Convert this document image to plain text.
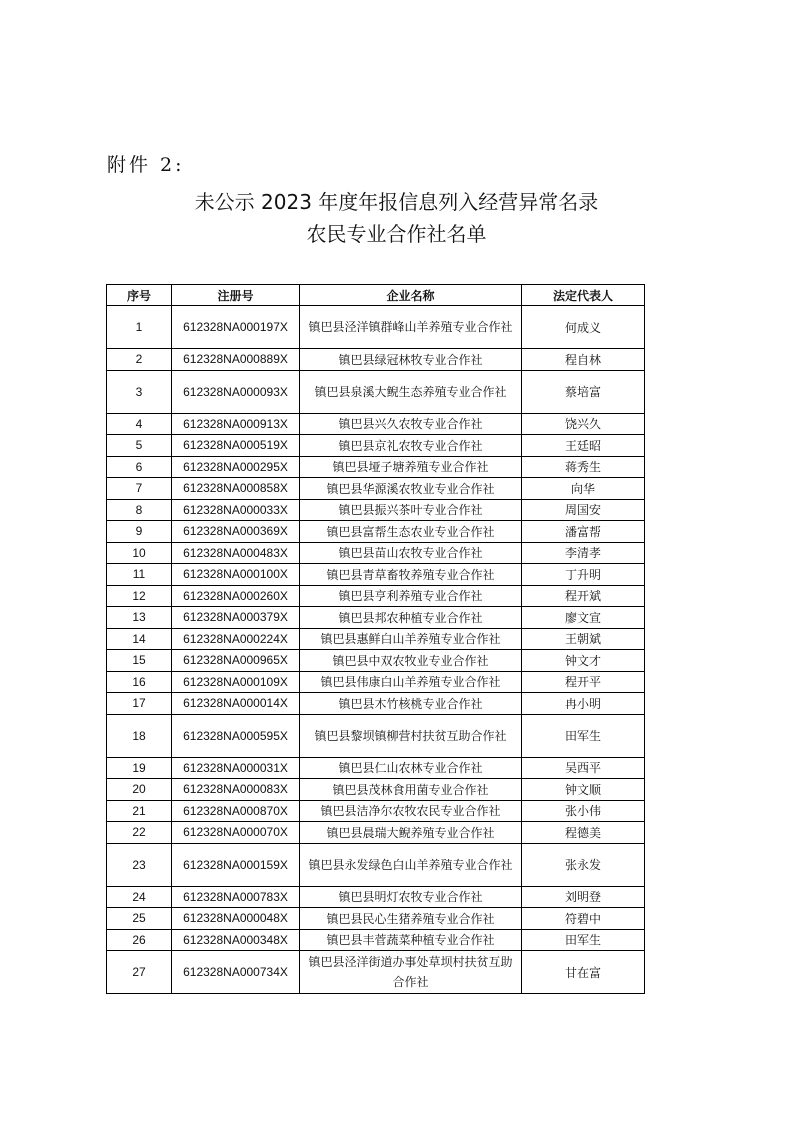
附件 2:
未公示 2023 年度年报信息列入经营异常名录
农民专业合作社名单
序号	注册号	企业名称	法定代表人
1	612328NA000197X	镇巴县泾洋镇群峰山羊养殖专业合作社	何成义
2	612328NA000889X	镇巴县绿冠林牧专业合作社	程自林
3	612328NA000093X	镇巴县泉溪大鲵生态养殖专业合作社	蔡培富
4	612328NA000913X	镇巴县兴久农牧专业合作社	饶兴久
5	612328NA000519X	镇巴县京礼农牧专业合作社	王廷昭
6	612328NA000295X	镇巴县垭子塘养殖专业合作社	蒋秀生
7	612328NA000858X	镇巴县华源溪农牧业专业合作社	向华
8	612328NA000033X	镇巴县振兴茶叶专业合作社	周国安
9	612328NA000369X	镇巴县富帮生态农业专业合作社	潘富帮
10	612328NA000483X	镇巴县苗山农牧专业合作社	李清孝
11	612328NA000100X	镇巴县青草畜牧养殖专业合作社	丁升明
12	612328NA000260X	镇巴县亨利养殖专业合作社	程开斌
13	612328NA000379X	镇巴县邦农种植专业合作社	廖文宣
14	612328NA000224X	镇巴县惠鲜白山羊养殖专业合作社	王朝斌
15	612328NA000965X	镇巴县中双农牧业专业合作社	钟文才
16	612328NA000109X	镇巴县伟康白山羊养殖专业合作社	程开平
17	612328NA000014X	镇巴县木竹核桃专业合作社	冉小明
18	612328NA000595X	镇巴县黎坝镇柳营村扶贫互助合作社	田军生
19	612328NA000031X	镇巴县仁山农林专业合作社	吴西平
20	612328NA000083X	镇巴县茂林食用菌专业合作社	钟文顺
21	612328NA000870X	镇巴县洁净尔农牧农民专业合作社	张小伟
22	612328NA000070X	镇巴县晨瑞大鲵养殖专业合作社	程德美
23	612328NA000159X	镇巴县永发绿色白山羊养殖专业合作社	张永发
24	612328NA000783X	镇巴县明灯农牧专业合作社	刘明登
25	612328NA000048X	镇巴县民心生猪养殖专业合作社	符碧中
26	612328NA000348X	镇巴县丰菅蔬菜种植专业合作社	田军生
27	612328NA000734X	镇巴县泾洋街道办事处草坝村扶贫互助合作社	甘在富
